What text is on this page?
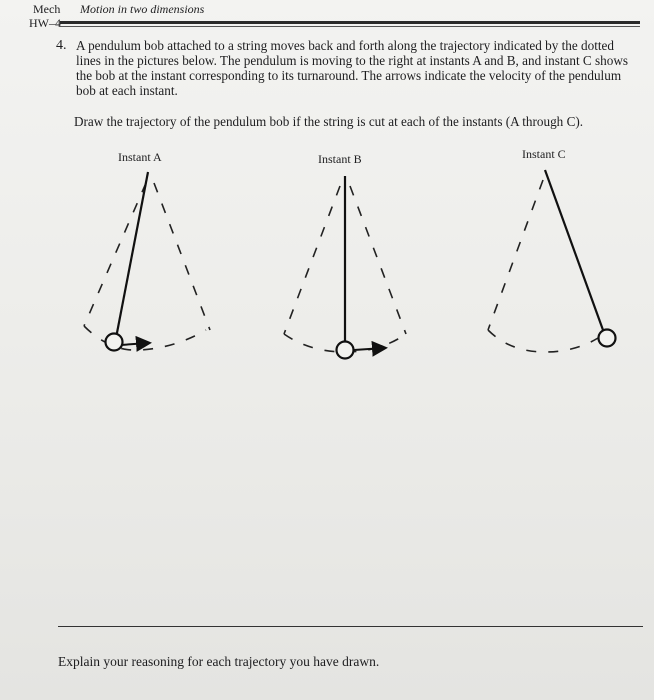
Mech Motion in two dimensions
HW–4
4. A pendulum bob attached to a string moves back and forth along the trajectory indicated by the dotted lines in the pictures below. The pendulum is moving to the right at instants A and B, and instant C shows the bob at the instant corresponding to its turnaround. The arrows indicate the velocity of the pendulum bob at each instant.
Draw the trajectory of the pendulum bob if the string is cut at each of the instants (A through C).
Instant A	Instant B	Instant C
Explain your reasoning for each trajectory you have drawn.
